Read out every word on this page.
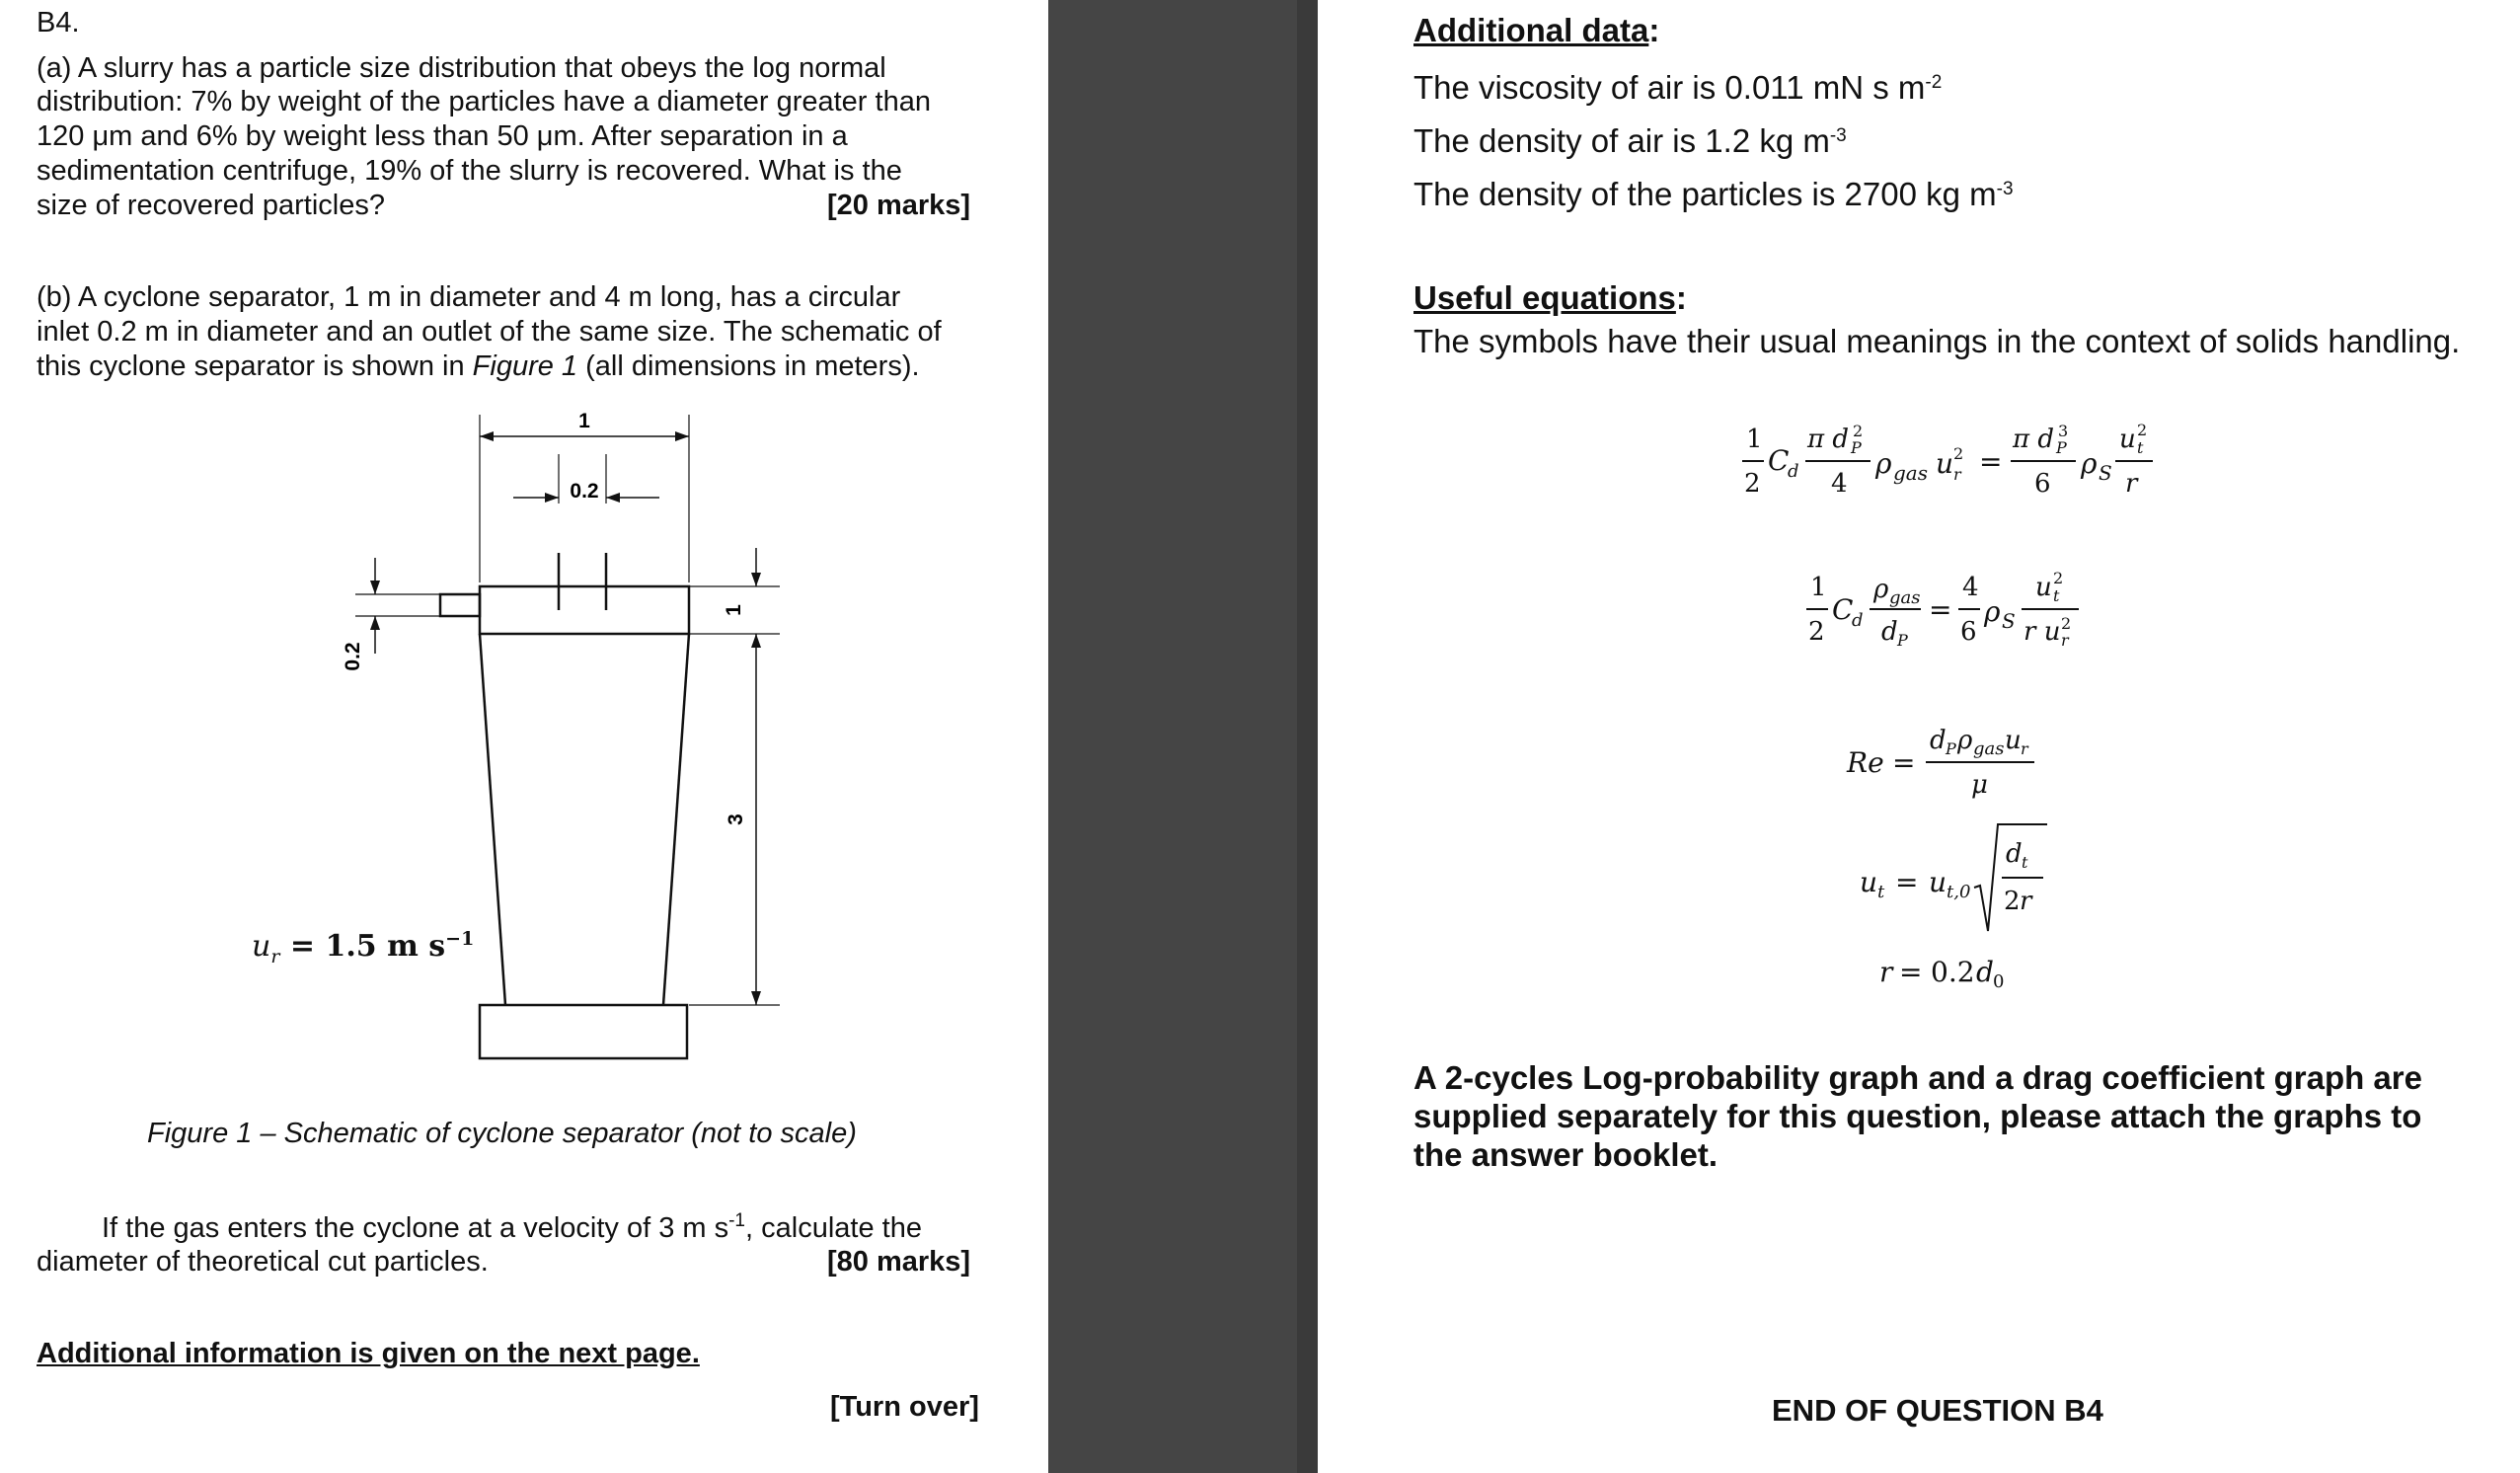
B4.
(a) A slurry has a particle size distribution that obeys the log normal
distribution: 7% by weight of the particles have a diameter greater than
120 μm and 6% by weight less than 50 μm. After separation in a
sedimentation centrifuge, 19% of the slurry is recovered. What is the
size of recovered particles?	[20 marks]
(b) A cyclone separator, 1 m in diameter and 4 m long, has a circular
inlet 0.2 m in diameter and an outlet of the same size. The schematic of
this cyclone separator is shown in Figure 1 (all dimensions in meters).
1
0.2
0.2
1
3
$u_r = 1.5$ m $s^{-1}$
Figure 1 – Schematic of cyclone separator (not to scale)
If the gas enters the cyclone at a velocity of 3 m $s^{-1}$, calculate the
diameter of theoretical cut particles.	[80 marks]
Additional information is given on the next page.
[Turn over]
Additional data:
The viscosity of air is 0.011 mN s $m^{-2}$
The density of air is 1.2 kg $m^{-3}$
The density of the particles is 2700 kg $m^{-3}$
Useful equations:
The symbols have their usual meanings in the context of solids handling.
1
2
C
d
π d 2
P
4
ρ gas u 2
r =
π d 3
P
6
ρ S
u 2
t
r
1
2
C
d
ρ gas
d P
=
4
6
ρ S
u 2
t
r u 2
r
Re =
d P ρ gas u r
μ
u t = u t,0
d t
2 r
r = 0.2 d 0
A 2-cycles Log-probability graph and a drag coefficient graph are
supplied separately for this question, please attach the graphs to
the answer booklet.
END OF QUESTION B4
